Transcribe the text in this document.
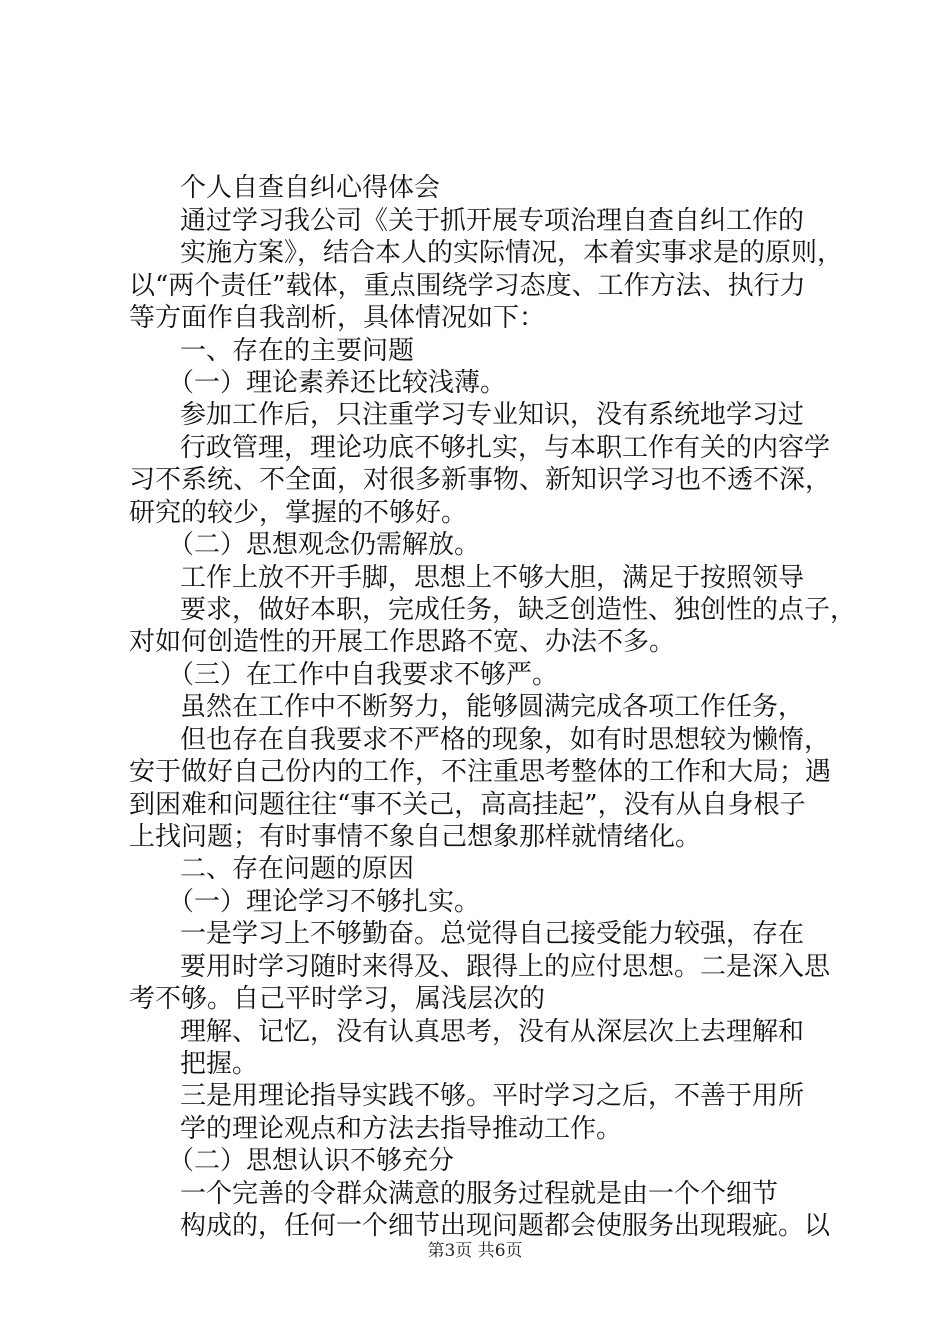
个人自查自纠心得体会
通过学习我公司《关于抓开展专项治理自查自纠工作的
实施方案》，结合本人的实际情况，本着实事求是的原则，
以“两个责任”载体，重点围绕学习态度、工作方法、执行力
等方面作自我剖析，具体情况如下：
一、存在的主要问题
（一）理论素养还比较浅薄。
参加工作后，只注重学习专业知识，没有系统地学习过
行政管理，理论功底不够扎实，与本职工作有关的内容学
习不系统、不全面，对很多新事物、新知识学习也不透不深，
研究的较少，掌握的不够好。
（二）思想观念仍需解放。
工作上放不开手脚，思想上不够大胆，满足于按照领导
要求，做好本职，完成任务，缺乏创造性、独创性的点子，
对如何创造性的开展工作思路不宽、办法不多。
（三）在工作中自我要求不够严。
虽然在工作中不断努力，能够圆满完成各项工作任务，
但也存在自我要求不严格的现象，如有时思想较为懒惰，
安于做好自己份内的工作，不注重思考整体的工作和大局；遇
到困难和问题往往“事不关己，高高挂起”，没有从自身根子
上找问题；有时事情不象自己想象那样就情绪化。
二、存在问题的原因
（一）理论学习不够扎实。
一是学习上不够勤奋。总觉得自己接受能力较强，存在
要用时学习随时来得及、跟得上的应付思想。二是深入思
考不够。自己平时学习，属浅层次的
理解、记忆，没有认真思考，没有从深层次上去理解和
把握。
三是用理论指导实践不够。平时学习之后，不善于用所
学的理论观点和方法去指导推动工作。
（二）思想认识不够充分
一个完善的令群众满意的服务过程就是由一个个细节
构成的，任何一个细节出现问题都会使服务出现瑕疵。以
第3页 共6页
